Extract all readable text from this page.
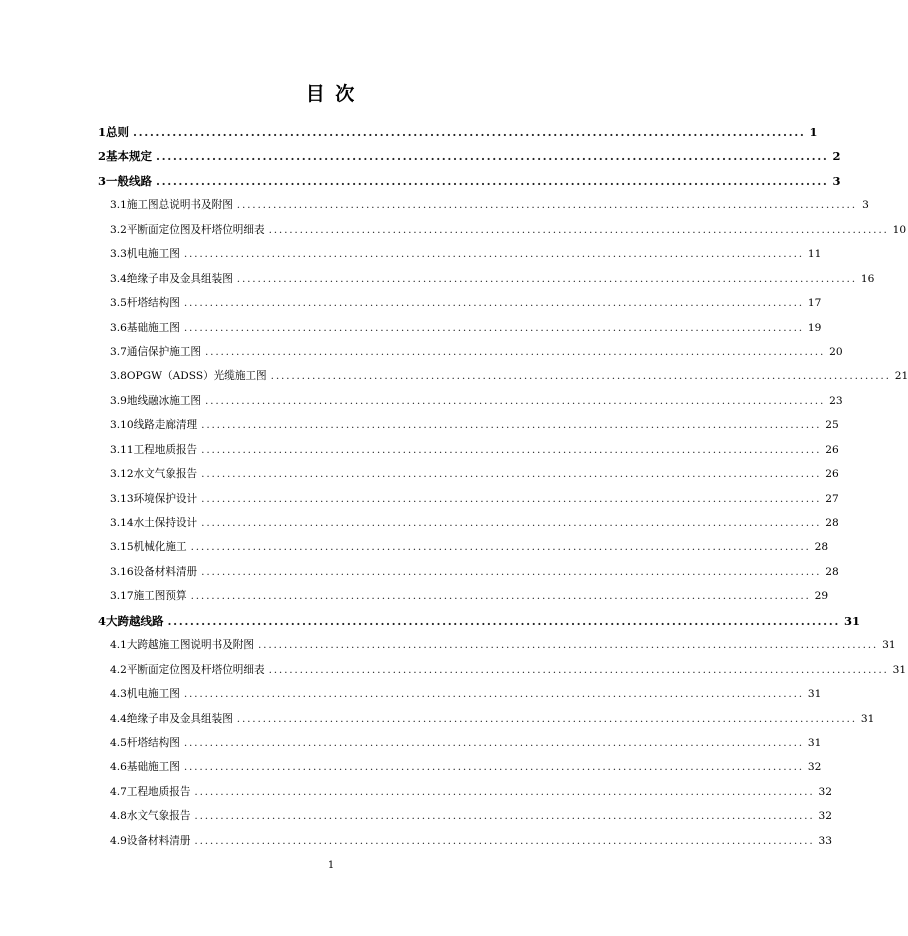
目 次
1 总则 ........................................................................................................................ 1
2 基本规定 ........................................................................................................................ 2
3 一般线路 ........................................................................................................................ 3
3.1 施工图总说明书及附图 ........................................................................................................................ 3
3.2 平断面定位图及杆塔位明细表 ........................................................................................................................ 10
3.3 机电施工图 ........................................................................................................................ 11
3.4 绝缘子串及金具组装图 ........................................................................................................................ 16
3.5 杆塔结构图 ........................................................................................................................ 17
3.6 基础施工图 ........................................................................................................................ 19
3.7 通信保护施工图 ........................................................................................................................ 20
3.8 OPGW（ADSS）光缆施工图 ........................................................................................................................ 21
3.9 地线融冰施工图 ........................................................................................................................ 23
3.10 线路走廊清理 ........................................................................................................................ 25
3.11 工程地质报告 ........................................................................................................................ 26
3.12 水文气象报告 ........................................................................................................................ 26
3.13 环境保护设计 ........................................................................................................................ 27
3.14 水土保持设计 ........................................................................................................................ 28
3.15 机械化施工 ........................................................................................................................ 28
3.16 设备材料清册 ........................................................................................................................ 28
3.17 施工图预算 ........................................................................................................................ 29
4 大跨越线路 ........................................................................................................................ 31
4.1 大跨越施工图说明书及附图 ........................................................................................................................ 31
4.2 平断面定位图及杆塔位明细表 ........................................................................................................................ 31
4.3 机电施工图 ........................................................................................................................ 31
4.4 绝缘子串及金具组装图 ........................................................................................................................ 31
4.5 杆塔结构图 ........................................................................................................................ 31
4.6 基础施工图 ........................................................................................................................ 32
4.7 工程地质报告 ........................................................................................................................ 32
4.8 水文气象报告 ........................................................................................................................ 32
4.9 设备材料清册 ........................................................................................................................ 33
1
